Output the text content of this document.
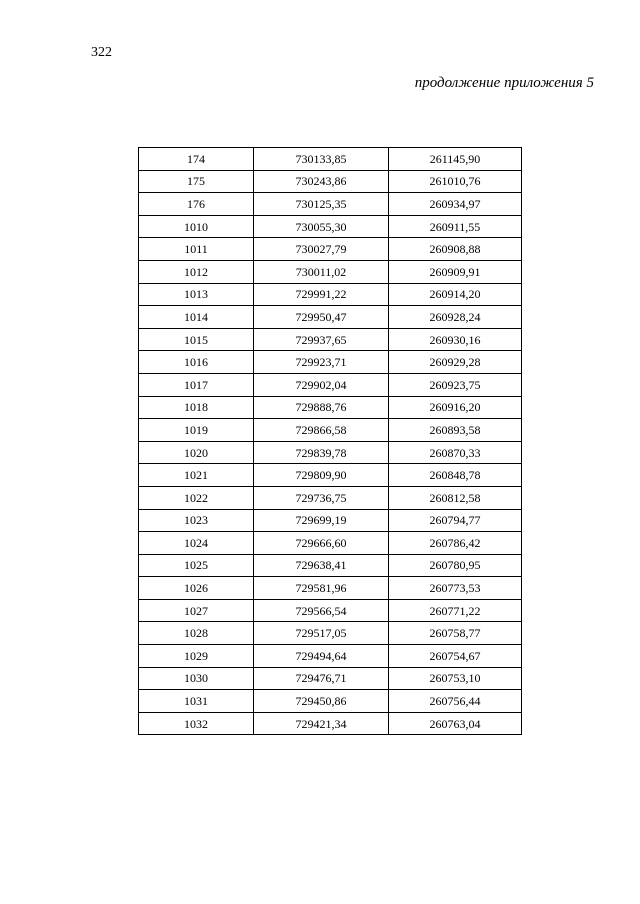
322
продолжение приложения 5
174	730133,85	261145,90
175	730243,86	261010,76
176	730125,35	260934,97
1010	730055,30	260911,55
1011	730027,79	260908,88
1012	730011,02	260909,91
1013	729991,22	260914,20
1014	729950,47	260928,24
1015	729937,65	260930,16
1016	729923,71	260929,28
1017	729902,04	260923,75
1018	729888,76	260916,20
1019	729866,58	260893,58
1020	729839,78	260870,33
1021	729809,90	260848,78
1022	729736,75	260812,58
1023	729699,19	260794,77
1024	729666,60	260786,42
1025	729638,41	260780,95
1026	729581,96	260773,53
1027	729566,54	260771,22
1028	729517,05	260758,77
1029	729494,64	260754,67
1030	729476,71	260753,10
1031	729450,86	260756,44
1032	729421,34	260763,04
